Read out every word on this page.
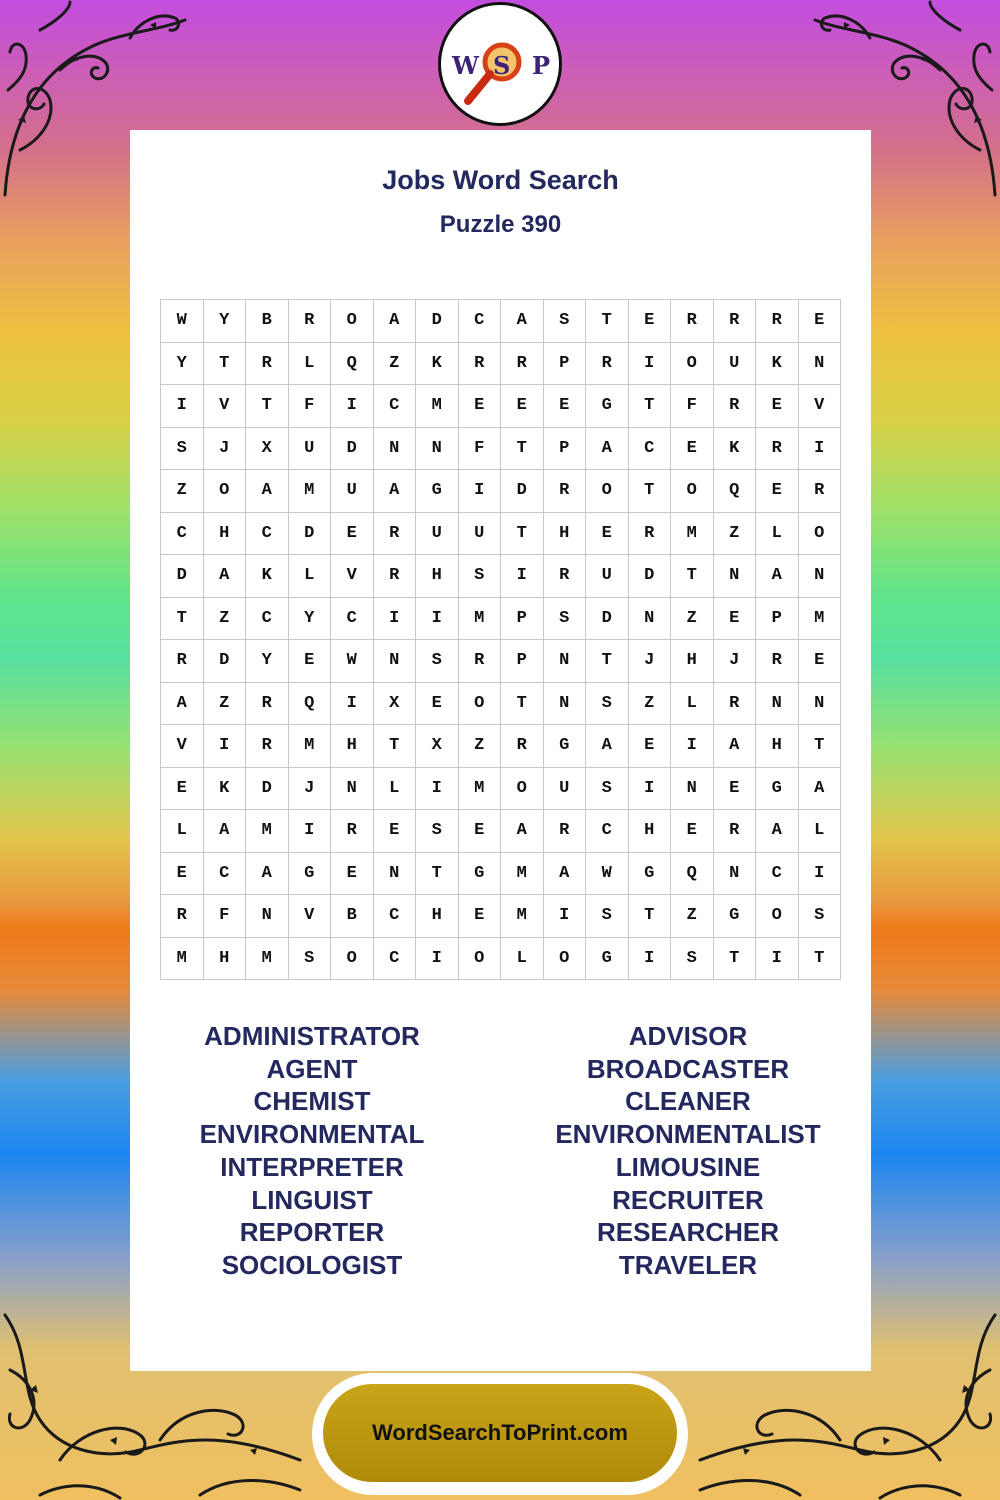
Jobs Word Search
Puzzle 390
W	Y	B	R	O	A	D	C	A	S	T	E	R	R	R	E
Y	T	R	L	Q	Z	K	R	R	P	R	I	O	U	K	N
I	V	T	F	I	C	M	E	E	E	G	T	F	R	E	V
S	J	X	U	D	N	N	F	T	P	A	C	E	K	R	I
Z	O	A	M	U	A	G	I	D	R	O	T	O	Q	E	R
C	H	C	D	E	R	U	U	T	H	E	R	M	Z	L	O
D	A	K	L	V	R	H	S	I	R	U	D	T	N	A	N
T	Z	C	Y	C	I	I	M	P	S	D	N	Z	E	P	M
R	D	Y	E	W	N	S	R	P	N	T	J	H	J	R	E
A	Z	R	Q	I	X	E	O	T	N	S	Z	L	R	N	N
V	I	R	M	H	T	X	Z	R	G	A	E	I	A	H	T
E	K	D	J	N	L	I	M	O	U	S	I	N	E	G	A
L	A	M	I	R	E	S	E	A	R	C	H	E	R	A	L
E	C	A	G	E	N	T	G	M	A	W	G	Q	N	C	I
R	F	N	V	B	C	H	E	M	I	S	T	Z	G	O	S
M	H	M	S	O	C	I	O	L	O	G	I	S	T	I	T
ADMINISTRATOR
AGENT
CHEMIST
ENVIRONMENTAL
INTERPRETER
LINGUIST
REPORTER
SOCIOLOGIST
ADVISOR
BROADCASTER
CLEANER
ENVIRONMENTALIST
LIMOUSINE
RECRUITER
RESEARCHER
TRAVELER
W S P
WordSearchToPrint.com
